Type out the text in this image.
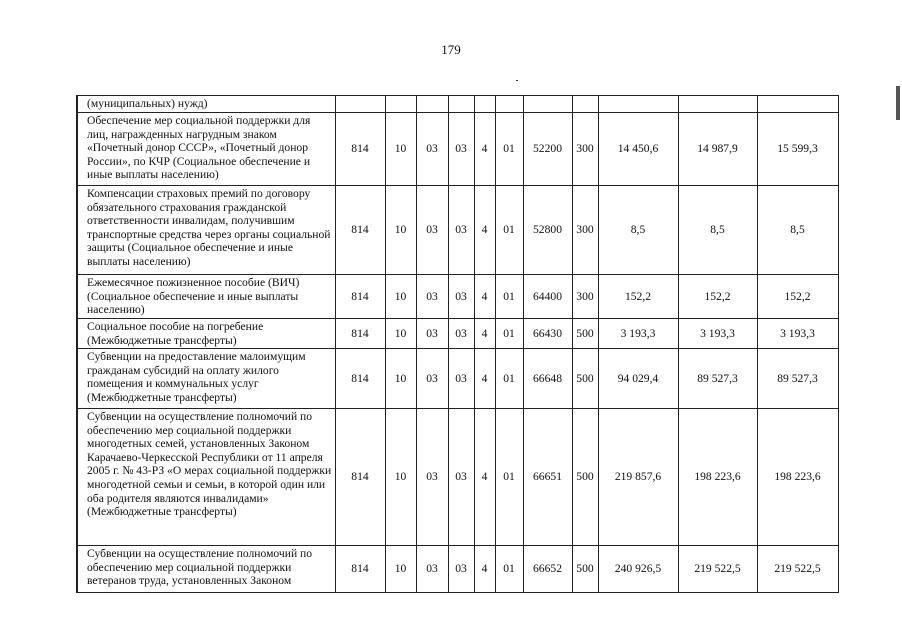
179
(муниципальных) нужд)											
Обеспечение мер социальной поддержки для лиц, награжденных нагрудным знаком «Почетный донор СССР», «Почетный донор России», по КЧР (Социальное обеспечение и иные выплаты населению)	814	10	03	03	4	01	52200	300	14 450,6	14 987,9	15 599,3
Компенсации страховых премий по договору обязательного страхования гражданской ответственности инвалидам, получившим транспортные средства через органы социальной защиты (Социальное обеспечение и иные выплаты населению)	814	10	03	03	4	01	52800	300	8,5	8,5	8,5
Ежемесячное пожизненное пособие (ВИЧ) (Социальное обеспечение и иные выплаты населению)	814	10	03	03	4	01	64400	300	152,2	152,2	152,2
Социальное пособие на погребение (Межбюджетные трансферты)	814	10	03	03	4	01	66430	500	3 193,3	3 193,3	3 193,3
Субвенции на предоставление малоимущим гражданам субсидий на оплату жилого помещения и коммунальных услуг (Межбюджетные трансферты)	814	10	03	03	4	01	66648	500	94 029,4	89 527,3	89 527,3
Субвенции на осуществление полномочий по обеспечению мер социальной поддержки многодетных семей, установленных Законом Карачаево-Черкесской Республики от 11 апреля 2005 г. № 43-РЗ «О мерах социальной поддержки многодетной семьи и семьи, в которой один или оба родителя являются инвалидами» (Межбюджетные трансферты)	814	10	03	03	4	01	66651	500	219 857,6	198 223,6	198 223,6
Субвенции на осуществление полномочий по обеспечению мер социальной поддержки ветеранов труда, установленных Законом	814	10	03	03	4	01	66652	500	240 926,5	219 522,5	219 522,5
